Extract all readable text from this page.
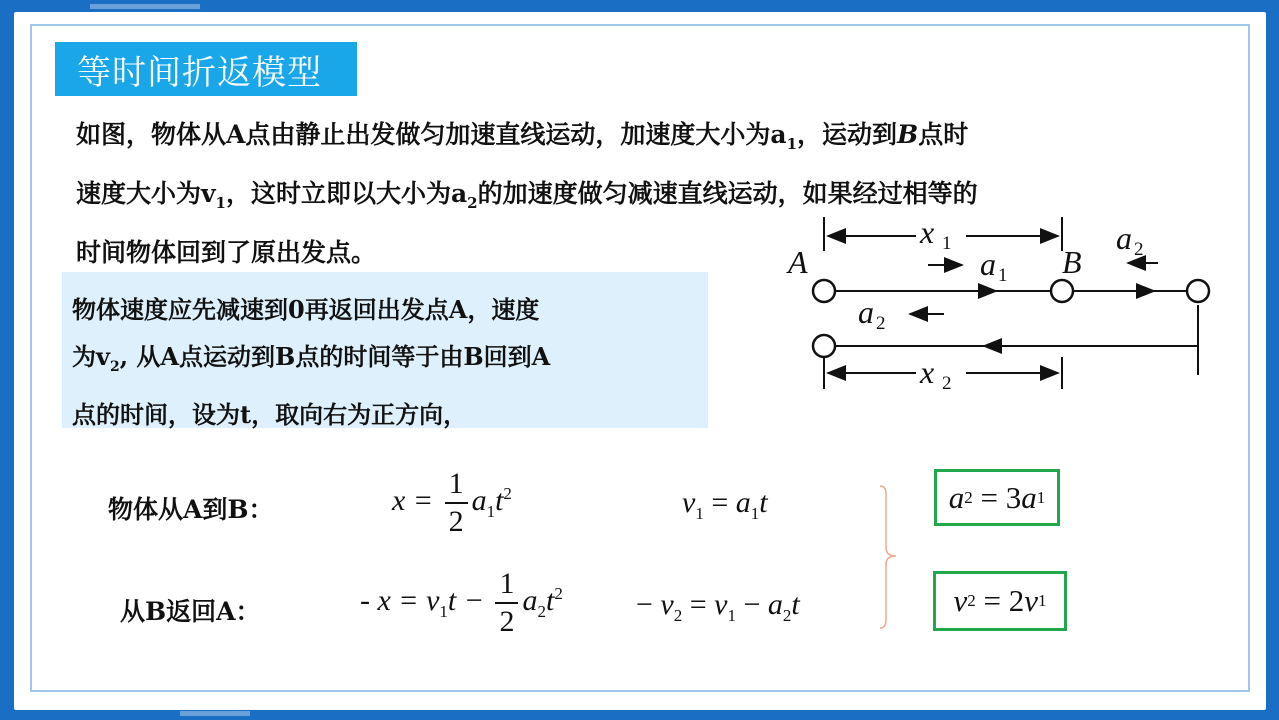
等时间折返模型
如图，物体从A点由静止出发做匀加速直线运动，加速度大小为$a_1$，运动到B点时
速度大小为$v_1$，这时立即以大小为$a_2$的加速度做匀减速直线运动，如果经过相等的
时间物体回到了原出发点。
物体速度应先减速到0再返回出发点A，速度
为$v_2$, 从A点运动到B点的时间等于由B回到A
点的时间，设为t，取向右为正方向，
A	B
x 1
x 2
a 1
a 2
a 2
物体从A到B：
从B返回A：
$x = \frac{1}{2} a_1t^2$	$v_1 = a_1t$
- $x = v_1t - \frac{1}{2} a_2t^2 - v_2 = v_1 - a_2t$
a 2 = 3 a 1
v 2 = 2 v 1
